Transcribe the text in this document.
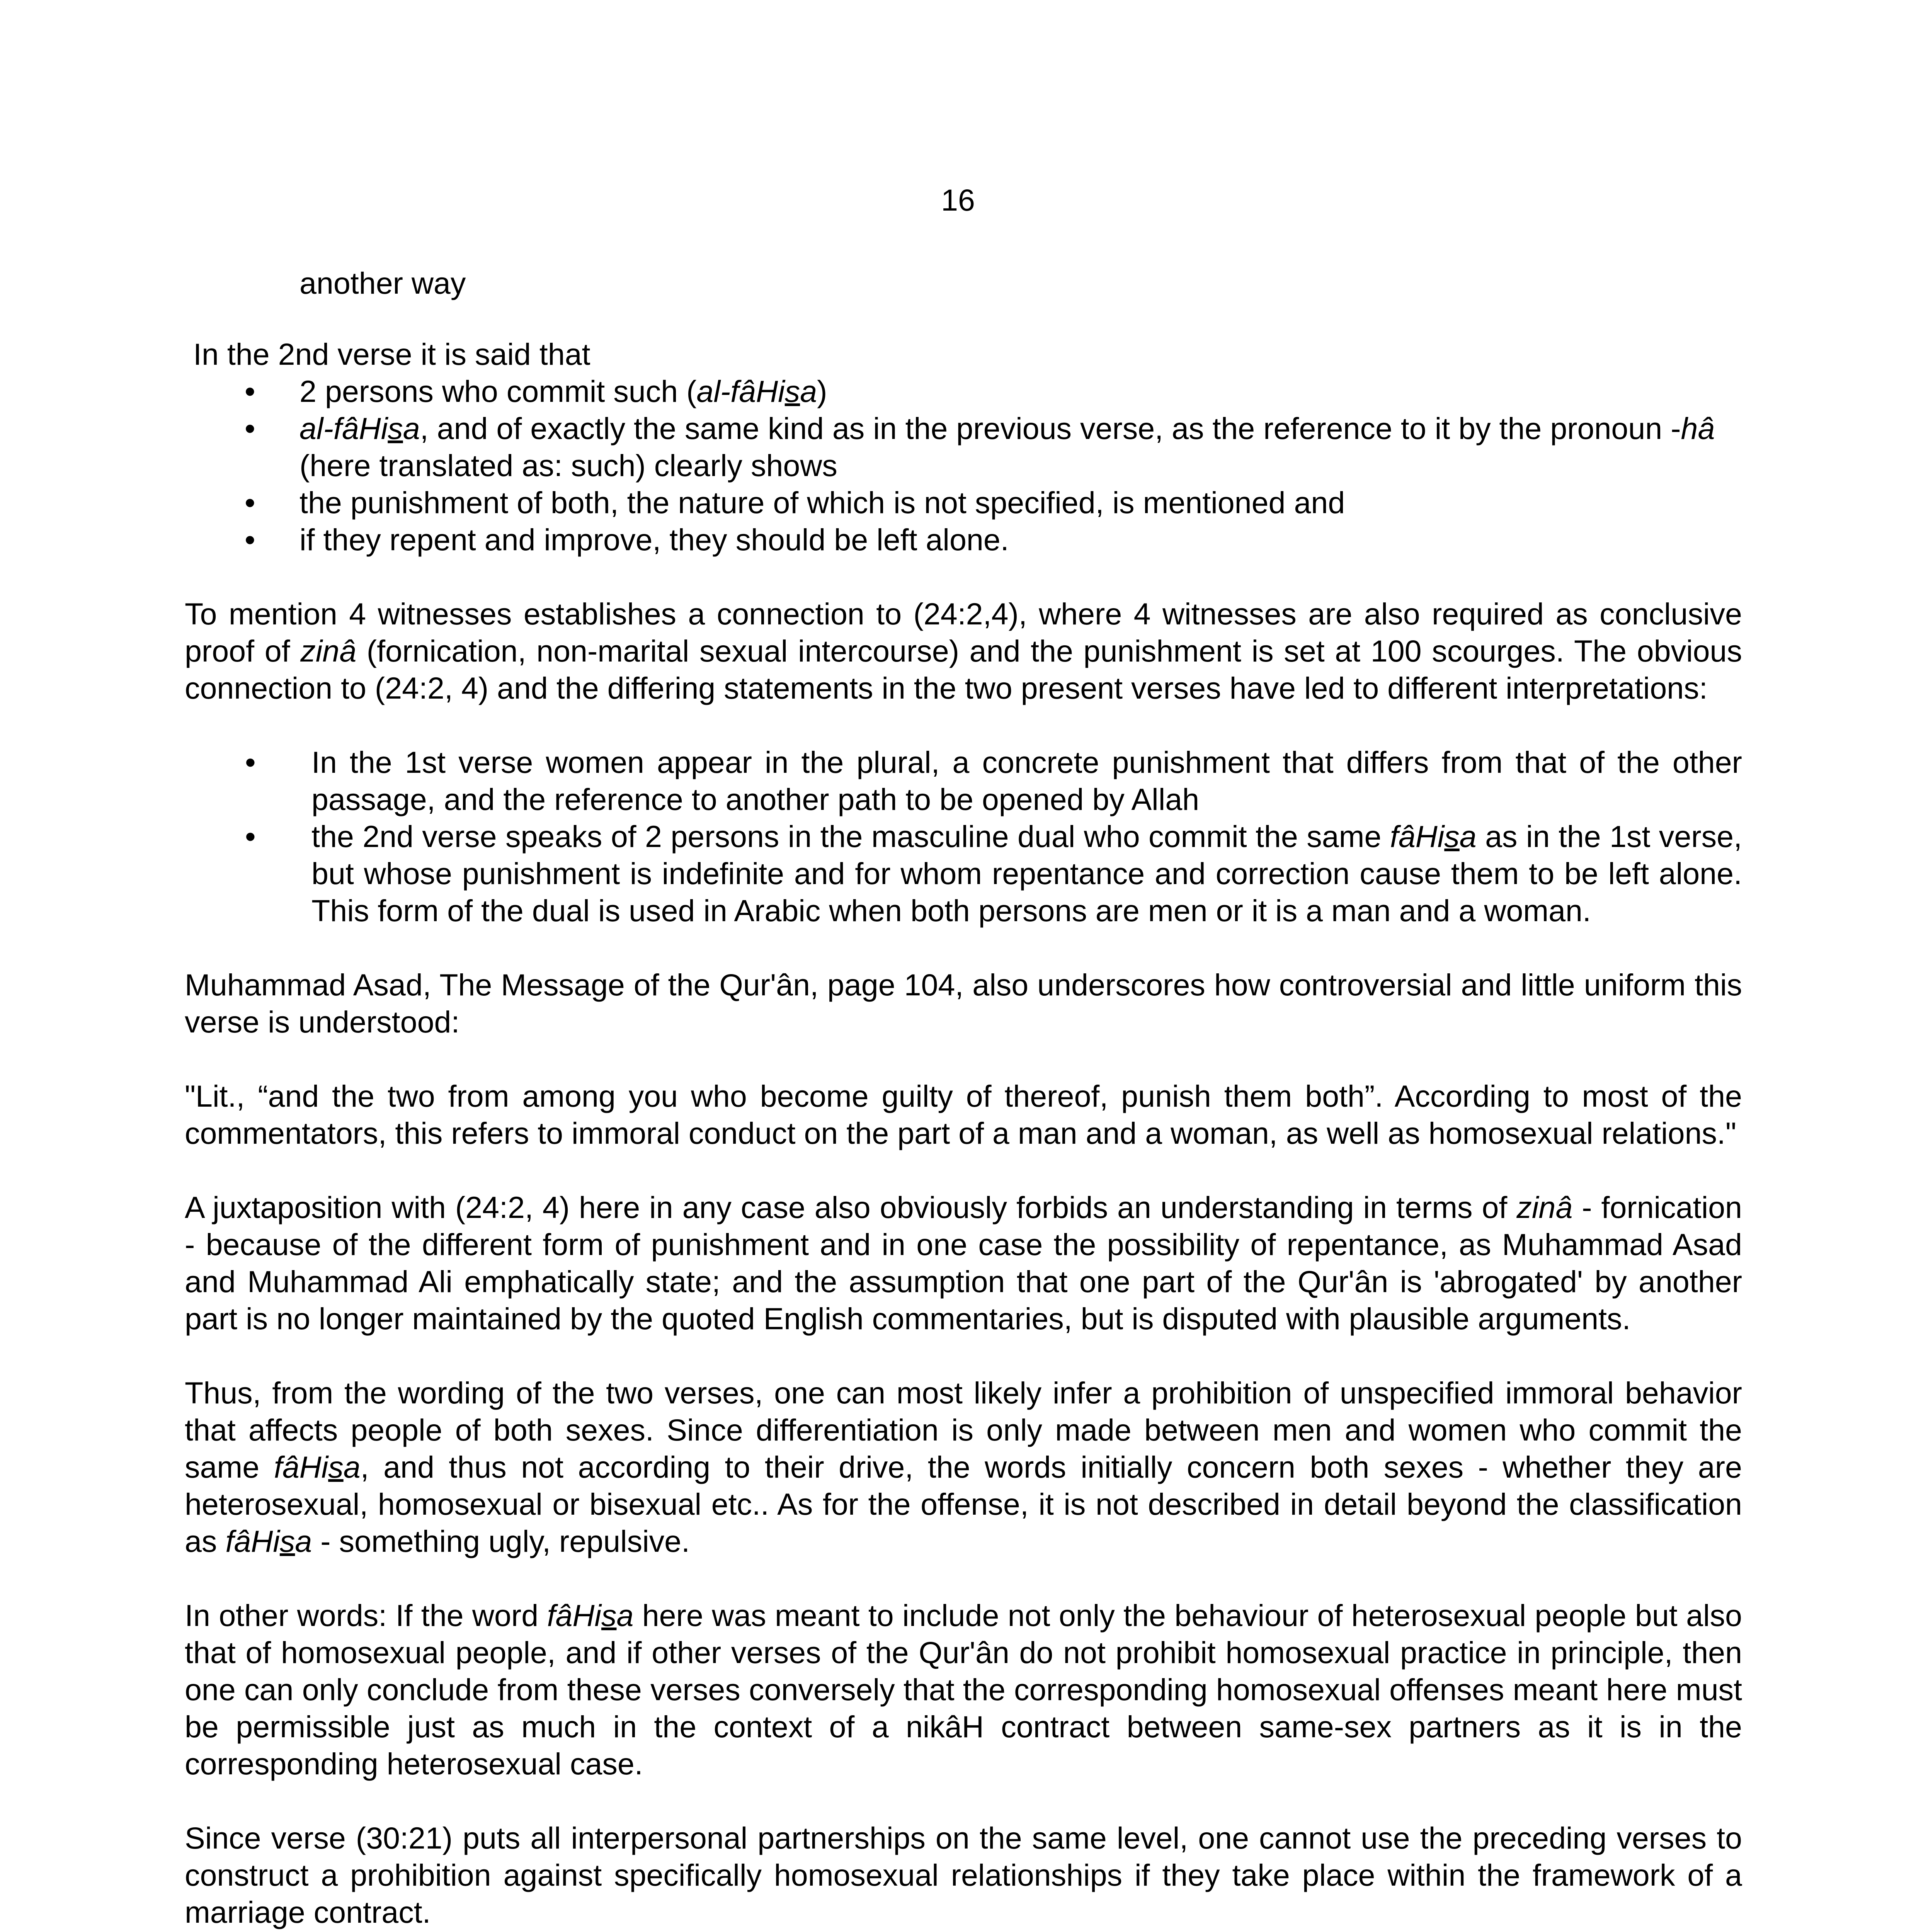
16

another way

In the 2nd verse it is said that

• 2 persons who commit such (al-fâHisa)
• al-fâHisa, and of exactly the same kind as in the previous verse, as the reference to it by the pronoun -hâ (here translated as: such) clearly shows
• the punishment of both, the nature of which is not specified, is mentioned and
• if they repent and improve, they should be left alone.

To mention 4 witnesses establishes a connection to (24:2,4), where 4 witnesses are also required as conclusive proof of zinâ (fornication, non-marital sexual intercourse) and the punishment is set at 100 scourges. The obvious connection to (24:2, 4) and the differing statements in the two present verses have led to different interpretations:

• In the 1st verse women appear in the plural, a concrete punishment that differs from that of the other passage, and the reference to another path to be opened by Allah
• the 2nd verse speaks of 2 persons in the masculine dual who commit the same fâHisa as in the 1st verse, but whose punishment is indefinite and for whom repentance and correction cause them to be left alone. This form of the dual is used in Arabic when both persons are men or it is a man and a woman.

Muhammad Asad, The Message of the Qur'ân, page 104, also underscores how controversial and little uniform this verse is understood:

"Lit., “and the two from among you who become guilty of thereof, punish them both”. According to most of the commentators, this refers to immoral conduct on the part of a man and a woman, as well as homosexual relations."

A juxtaposition with (24:2, 4) here in any case also obviously forbids an understanding in terms of zinâ - fornication - because of the different form of punishment and in one case the possibility of repentance, as Muhammad Asad and Muhammad Ali emphatically state; and the assumption that one part of the Qur'ân is 'abrogated' by another part is no longer maintained by the quoted English commentaries, but is disputed with plausible arguments.

Thus, from the wording of the two verses, one can most likely infer a prohibition of unspecified immoral behavior that affects people of both sexes. Since differentiation is only made between men and women who commit the same fâHisa, and thus not according to their drive, the words initially concern both sexes - whether they are heterosexual, homosexual or bisexual etc.. As for the offense, it is not described in detail beyond the classification as fâHisa - something ugly, repulsive.

In other words: If the word fâHisa here was meant to include not only the behaviour of heterosexual people but also that of homosexual people, and if other verses of the Qur'ân do not prohibit homosexual practice in principle, then one can only conclude from these verses conversely that the corresponding homosexual offenses meant here must be permissible just as much in the context of a nikâH contract between same-sex partners as it is in the corresponding heterosexual case.

Since verse (30:21) puts all interpersonal partnerships on the same level, one cannot use the preceding verses to construct a prohibition against specifically homosexual relationships if they take place within the framework of a marriage contract.
